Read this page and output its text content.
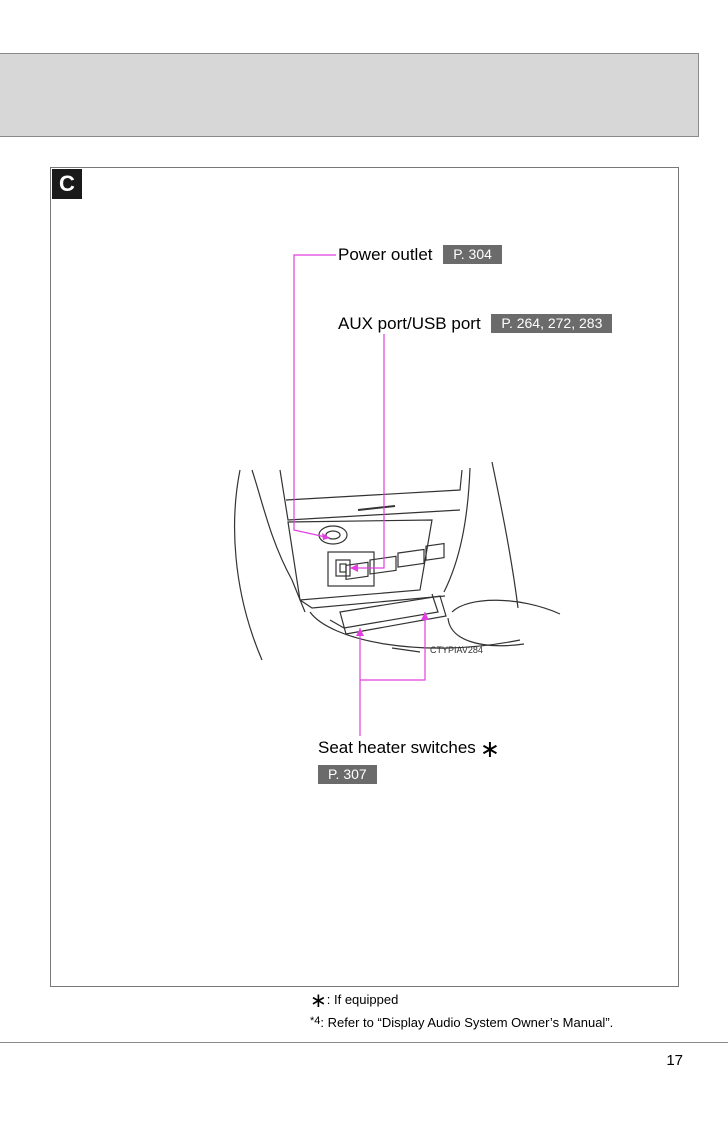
C
Power outlet P. 304
AUX port/USB port P. 264, 272, 283
Seat heater switches ∗
P. 307
CTYPIAV284
∗: If equipped
$^{*4}$: Refer to “Display Audio System Owner’s Manual”.
17
